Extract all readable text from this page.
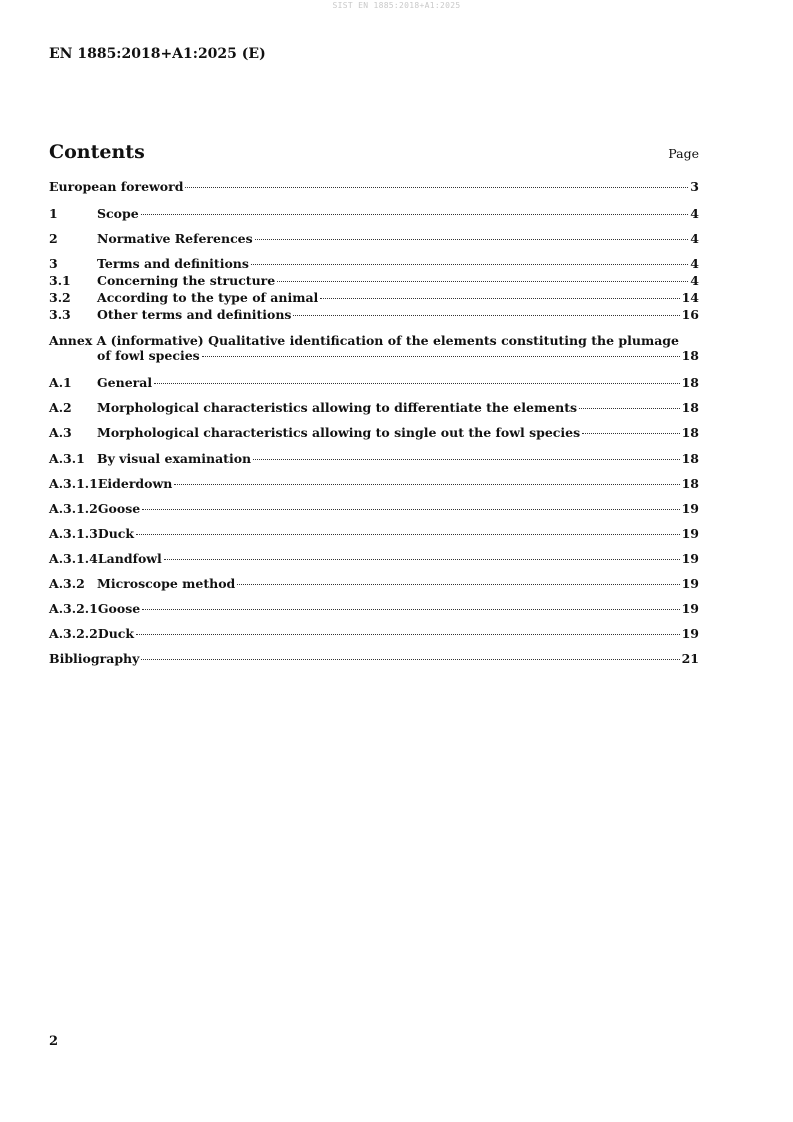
SIST EN 1885:2018+A1:2025
EN 1885:2018+A1:2025 (E)
Contents	Page
European foreword	3
1	Scope	4
2	Normative References	4
3	Terms and definitions	4
3.1	Concerning the structure	4
3.2	According to the type of animal	14
3.3	Other terms and definitions	16
Annex A (informative) Qualitative identification of the elements constituting the plumage
of fowl species	18
A.1	General	18
A.2	Morphological characteristics allowing to differentiate the elements	18
A.3	Morphological characteristics allowing to single out the fowl species	18
A.3.1 By visual examination	18
A.3.1.1 Eiderdown	18
A.3.1.2 Goose	19
A.3.1.3 Duck	19
A.3.1.4 Landfowl	19
A.3.2 Microscope method	19
A.3.2.1 Goose	19
A.3.2.2 Duck	19
Bibliography	21
2
